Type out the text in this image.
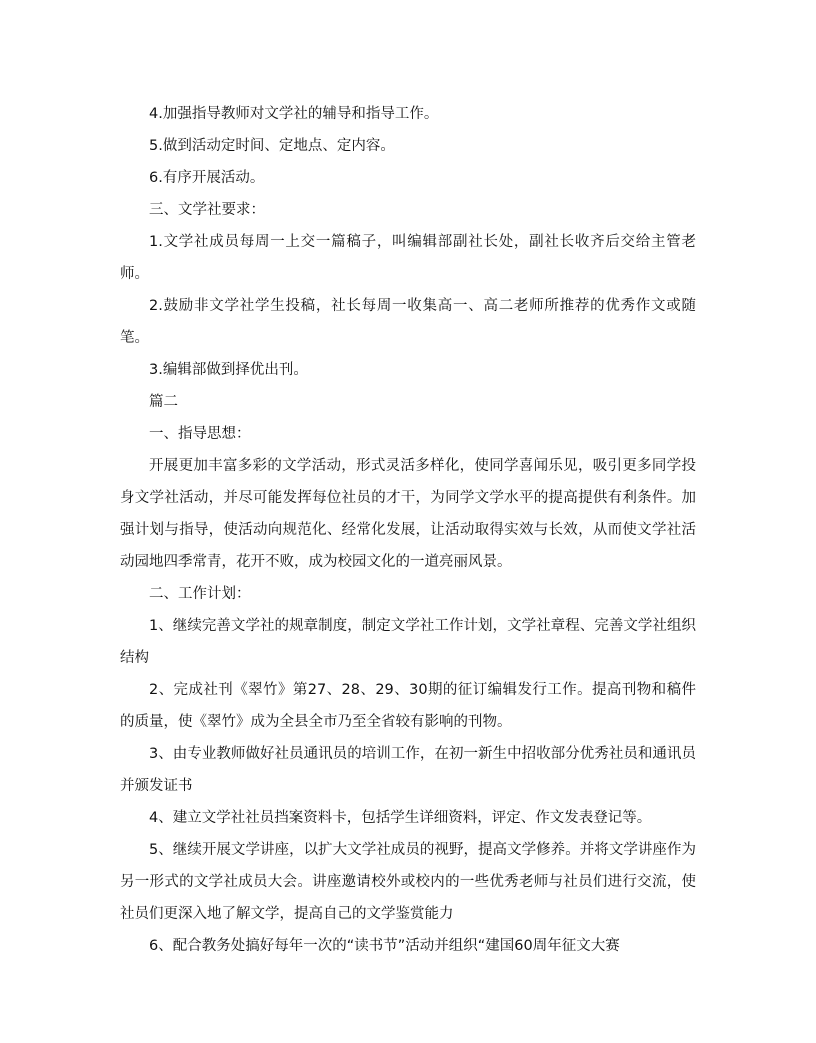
4.加强指导教师对文学社的辅导和指导工作。

5.做到活动定时间、定地点、定内容。

6.有序开展活动。

三、文学社要求：

1.文学社成员每周一上交一篇稿子，叫编辑部副社长处，副社长收齐后交给主管老师。

2.鼓励非文学社学生投稿，社长每周一收集高一、高二老师所推荐的优秀作文或随笔。

3.编辑部做到择优出刊。

篇二

一、指导思想：

开展更加丰富多彩的文学活动，形式灵活多样化，使同学喜闻乐见，吸引更多同学投身文学社活动，并尽可能发挥每位社员的才干，为同学文学水平的提高提供有利条件。加强计划与指导，使活动向规范化、经常化发展，让活动取得实效与长效，从而使文学社活动园地四季常青，花开不败，成为校园文化的一道亮丽风景。

二、工作计划：

1、继续完善文学社的规章制度，制定文学社工作计划，文学社章程、完善文学社组织结构

2、完成社刊《翠竹》第27、28、29、30期的征订编辑发行工作。提高刊物和稿件的质量，使《翠竹》成为全县全市乃至全省较有影响的刊物。

3、由专业教师做好社员通讯员的培训工作，在初一新生中招收部分优秀社员和通讯员并颁发证书

4、建立文学社社员挡案资料卡，包括学生详细资料，评定、作文发表登记等。

5、继续开展文学讲座，以扩大文学社成员的视野，提高文学修养。并将文学讲座作为另一形式的文学社成员大会。讲座邀请校外或校内的一些优秀老师与社员们进行交流，使社员们更深入地了解文学，提高自己的文学鉴赏能力

6、配合教务处搞好每年一次的“读书节”活动并组织“建国60周年征文大赛
